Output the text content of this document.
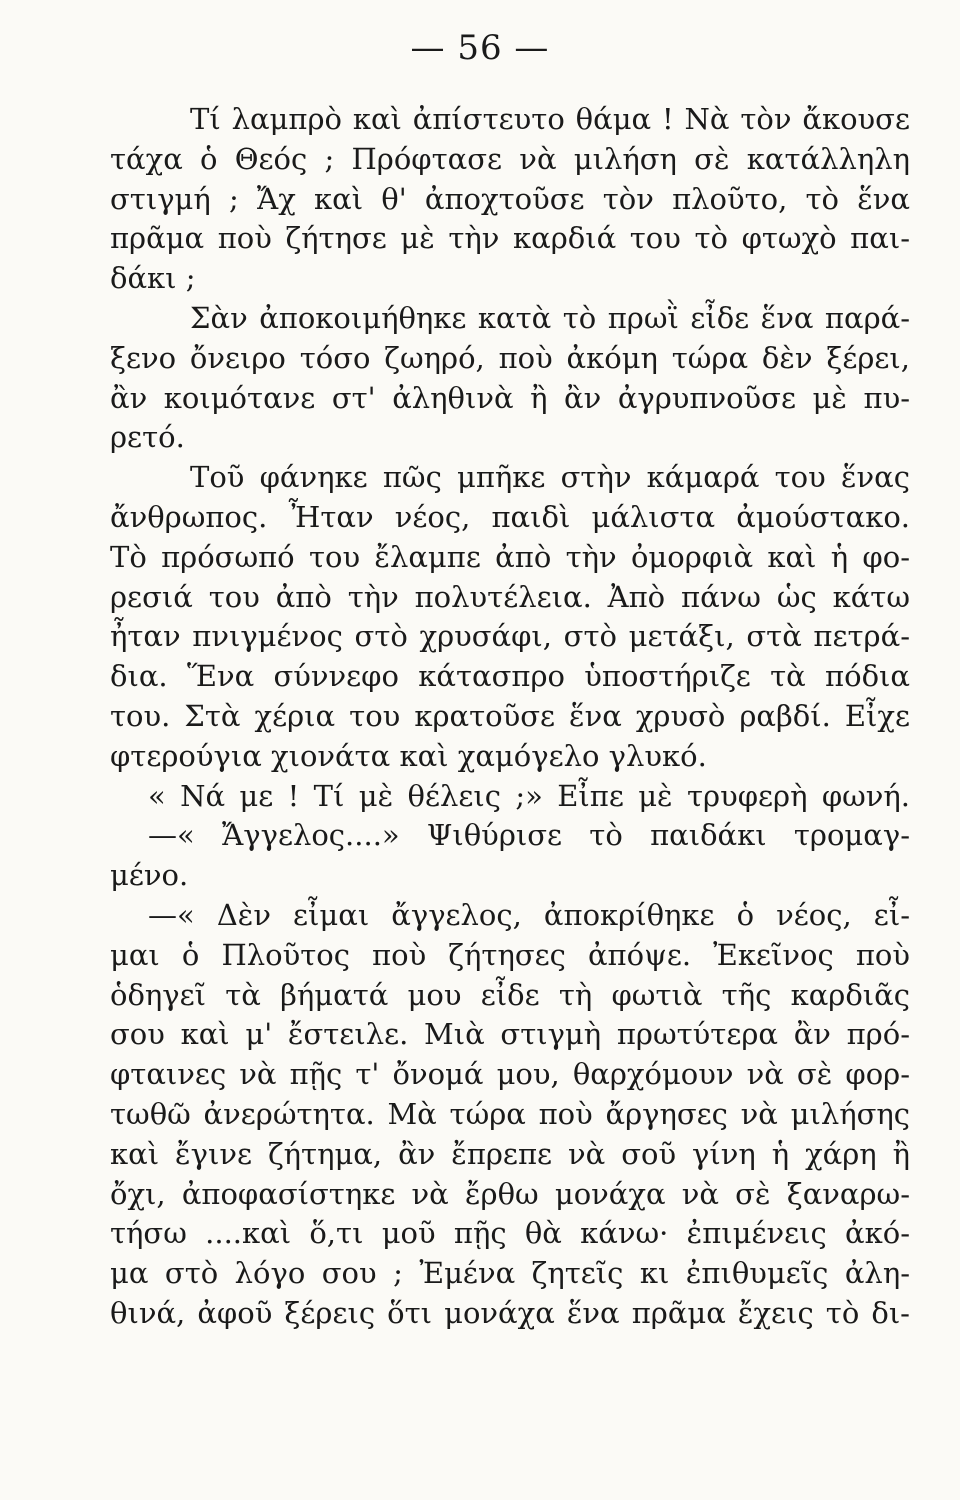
— 56 —
Τί λαμπρὸ καὶ ἀπίστευτο θάμα ! Νὰ τὸν ἄκουσε
τάχα ὁ Θεός ; Πρόφτασε νὰ μιλήση σὲ κατάλληλη
στιγμή ; Ἄχ καὶ θ' ἀποχτοῦσε τὸν πλοῦτο, τὸ ἕνα
πρᾶμα ποὺ ζήτησε μὲ τὴν καρδιά του τὸ φτωχὸ παι-
δάκι ;
Σὰν ἀποκοιμήθηκε κατὰ τὸ πρωῒ εἶδε ἕνα παρά-
ξενο ὄνειρο τόσο ζωηρό, ποὺ ἀκόμη τώρα δὲν ξέρει,
ἂν κοιμότανε στ' ἀληθινὰ ἢ ἂν ἀγρυπνοῦσε μὲ πυ-
ρετό.
Τοῦ φάνηκε πῶς μπῆκε στὴν κάμαρά του ἕνας
ἄνθρωπος. Ἦταν νέος, παιδὶ μάλιστα ἀμούστακο.
Τὸ πρόσωπό του ἔλαμπε ἀπὸ τὴν ὀμορφιὰ καὶ ἡ φο-
ρεσιά του ἀπὸ τὴν πολυτέλεια. Ἀπὸ πάνω ὡς κάτω
ἦταν πνιγμένος στὸ χρυσάφι, στὸ μετάξι, στὰ πετρά-
δια. Ἕνα σύννεφο κάτασπρο ὑποστήριζε τὰ πόδια
του. Στὰ χέρια του κρατοῦσε ἕνα χρυσὸ ραβδί. Εἶχε
φτερούγια χιονάτα καὶ χαμόγελο γλυκό.
« Νά με ! Τί μὲ θέλεις ;» Εἶπε μὲ τρυφερὴ φωνή.
—« Ἄγγελος....» Ψιθύρισε τὸ παιδάκι τρομαγ-
μένο.
—« Δὲν εἶμαι ἄγγελος, ἀποκρίθηκε ὁ νέος, εἶ-
μαι ὁ Πλοῦτος ποὺ ζήτησες ἀπόψε. Ἐκεῖνος ποὺ
ὁδηγεῖ τὰ βήματά μου εἶδε τὴ φωτιὰ τῆς καρδιᾶς
σου καὶ μ' ἔστειλε. Μιὰ στιγμὴ πρωτύτερα ἂν πρό-
φταινες νὰ πῇς τ' ὄνομά μου, θαρχόμουν νὰ σὲ φορ-
τωθῶ ἀνερώτητα. Μὰ τώρα ποὺ ἄργησες νὰ μιλήσης
καὶ ἔγινε ζήτημα, ἂν ἔπρεπε νὰ σοῦ γίνη ἡ χάρη ἢ
ὄχι, ἀποφασίστηκε νὰ ἔρθω μονάχα νὰ σὲ ξαναρω-
τήσω ....καὶ ὅ,τι μοῦ πῇς θὰ κάνω· ἐπιμένεις ἀκό-
μα στὸ λόγο σου ; Ἐμένα ζητεῖς κι ἐπιθυμεῖς ἀλη-
θινά, ἀφοῦ ξέρεις ὅτι μονάχα ἕνα πρᾶμα ἔχεις τὸ δι-
